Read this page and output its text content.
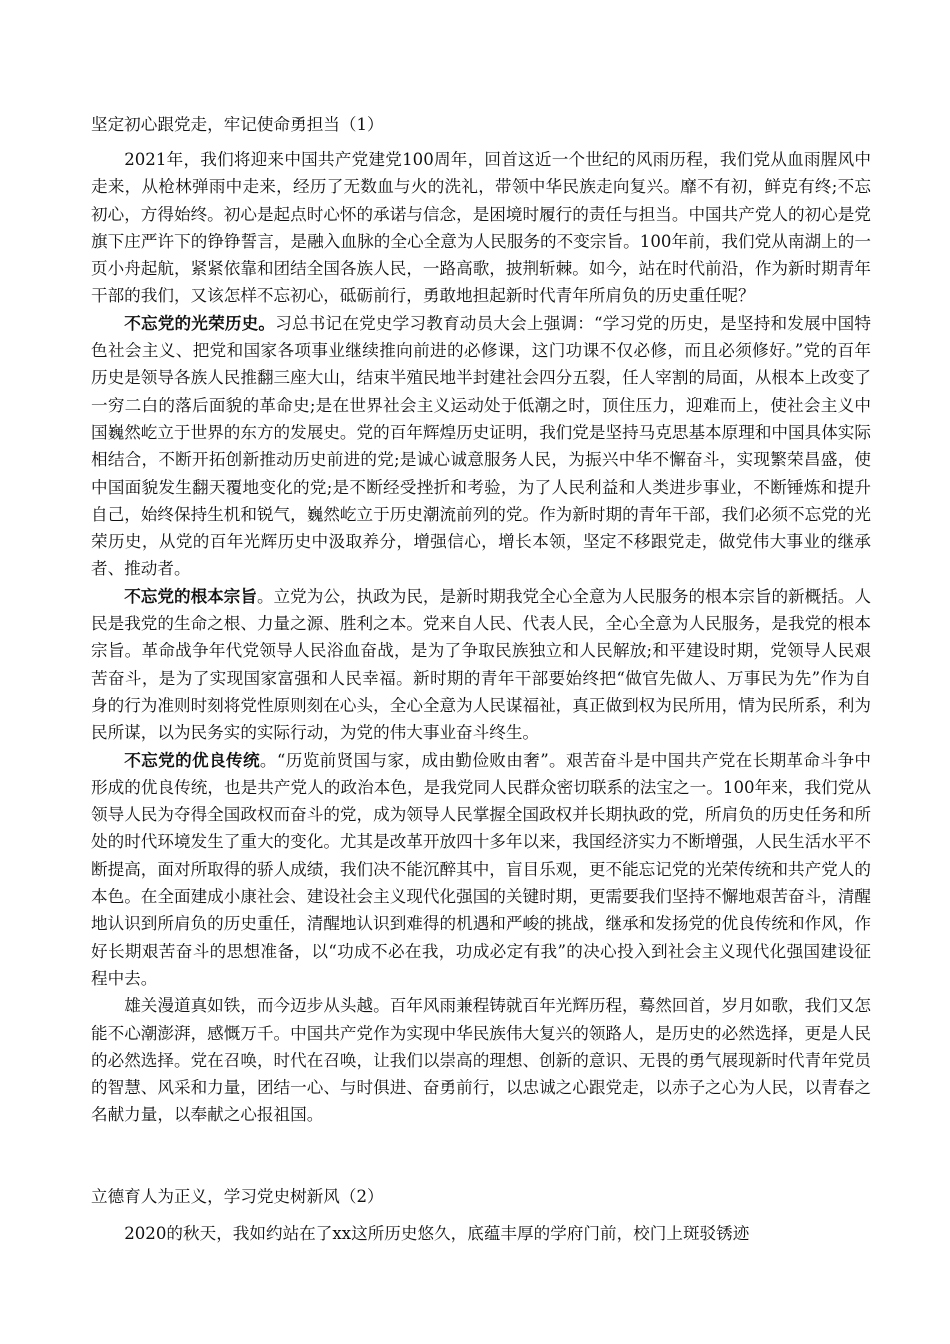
坚定初心跟党走，牢记使命勇担当（1）

2021年，我们将迎来中国共产党建党100周年，回首这近一个世纪的风雨历程，我们党从血雨腥风中走来，从枪林弹雨中走来，经历了无数血与火的洗礼，带领中华民族走向复兴。靡不有初，鲜克有终;不忘初心，方得始终。初心是起点时心怀的承诺与信念，是困境时履行的责任与担当。中国共产党人的初心是党旗下庄严许下的铮铮誓言，是融入血脉的全心全意为人民服务的不变宗旨。100年前，我们党从南湖上的一页小舟起航，紧紧依靠和团结全国各族人民，一路高歌，披荆斩棘。如今，站在时代前沿，作为新时期青年干部的我们，又该怎样不忘初心，砥砺前行，勇敢地担起新时代青年所肩负的历史重任呢？

不忘党的光荣历史。习总书记在党史学习教育动员大会上强调：“学习党的历史，是坚持和发展中国特色社会主义、把党和国家各项事业继续推向前进的必修课，这门功课不仅必修，而且必须修好。”党的百年历史是领导各族人民推翻三座大山，结束半殖民地半封建社会四分五裂，任人宰割的局面，从根本上改变了一穷二白的落后面貌的革命史;是在世界社会主义运动处于低潮之时，顶住压力，迎难而上，使社会主义中国巍然屹立于世界的东方的发展史。党的百年辉煌历史证明，我们党是坚持马克思基本原理和中国具体实际相结合，不断开拓创新推动历史前进的党;是诚心诚意服务人民，为振兴中华不懈奋斗，实现繁荣昌盛，使中国面貌发生翻天覆地变化的党;是不断经受挫折和考验，为了人民利益和人类进步事业，不断锤炼和提升自己，始终保持生机和锐气，巍然屹立于历史潮流前列的党。作为新时期的青年干部，我们必须不忘党的光荣历史，从党的百年光辉历史中汲取养分，增强信心，增长本领，坚定不移跟党走，做党伟大事业的继承者、推动者。

不忘党的根本宗旨。立党为公，执政为民，是新时期我党全心全意为人民服务的根本宗旨的新概括。人民是我党的生命之根、力量之源、胜利之本。党来自人民、代表人民，全心全意为人民服务，是我党的根本宗旨。革命战争年代党领导人民浴血奋战，是为了争取民族独立和人民解放;和平建设时期，党领导人民艰苦奋斗，是为了实现国家富强和人民幸福。新时期的青年干部要始终把“做官先做人、万事民为先”作为自身的行为准则时刻将党性原则刻在心头，全心全意为人民谋福祉，真正做到权为民所用，情为民所系，利为民所谋，以为民务实的实际行动，为党的伟大事业奋斗终生。

不忘党的优良传统。“历览前贤国与家，成由勤俭败由奢”。艰苦奋斗是中国共产党在长期革命斗争中形成的优良传统，也是共产党人的政治本色，是我党同人民群众密切联系的法宝之一。100年来，我们党从领导人民为夺得全国政权而奋斗的党，成为领导人民掌握全国政权并长期执政的党，所肩负的历史任务和所处的时代环境发生了重大的变化。尤其是改革开放四十多年以来，我国经济实力不断增强，人民生活水平不断提高，面对所取得的骄人成绩，我们决不能沉醉其中，盲目乐观，更不能忘记党的光荣传统和共产党人的本色。在全面建成小康社会、建设社会主义现代化强国的关键时期，更需要我们坚持不懈地艰苦奋斗，清醒地认识到所肩负的历史重任，清醒地认识到难得的机遇和严峻的挑战，继承和发扬党的优良传统和作风，作好长期艰苦奋斗的思想准备，以“功成不必在我，功成必定有我”的决心投入到社会主义现代化强国建设征程中去。

雄关漫道真如铁，而今迈步从头越。百年风雨兼程铸就百年光辉历程，蓦然回首，岁月如歌，我们又怎能不心潮澎湃，感慨万千。中国共产党作为实现中华民族伟大复兴的领路人，是历史的必然选择，更是人民的必然选择。党在召唤，时代在召唤，让我们以崇高的理想、创新的意识、无畏的勇气展现新时代青年党员的智慧、风采和力量，团结一心、与时俱进、奋勇前行，以忠诚之心跟党走，以赤子之心为人民，以青春之名献力量，以奉献之心报祖国。

立德育人为正义，学习党史树新风（2）

2020的秋天，我如约站在了xx这所历史悠久，底蕴丰厚的学府门前，校门上斑驳锈迹
